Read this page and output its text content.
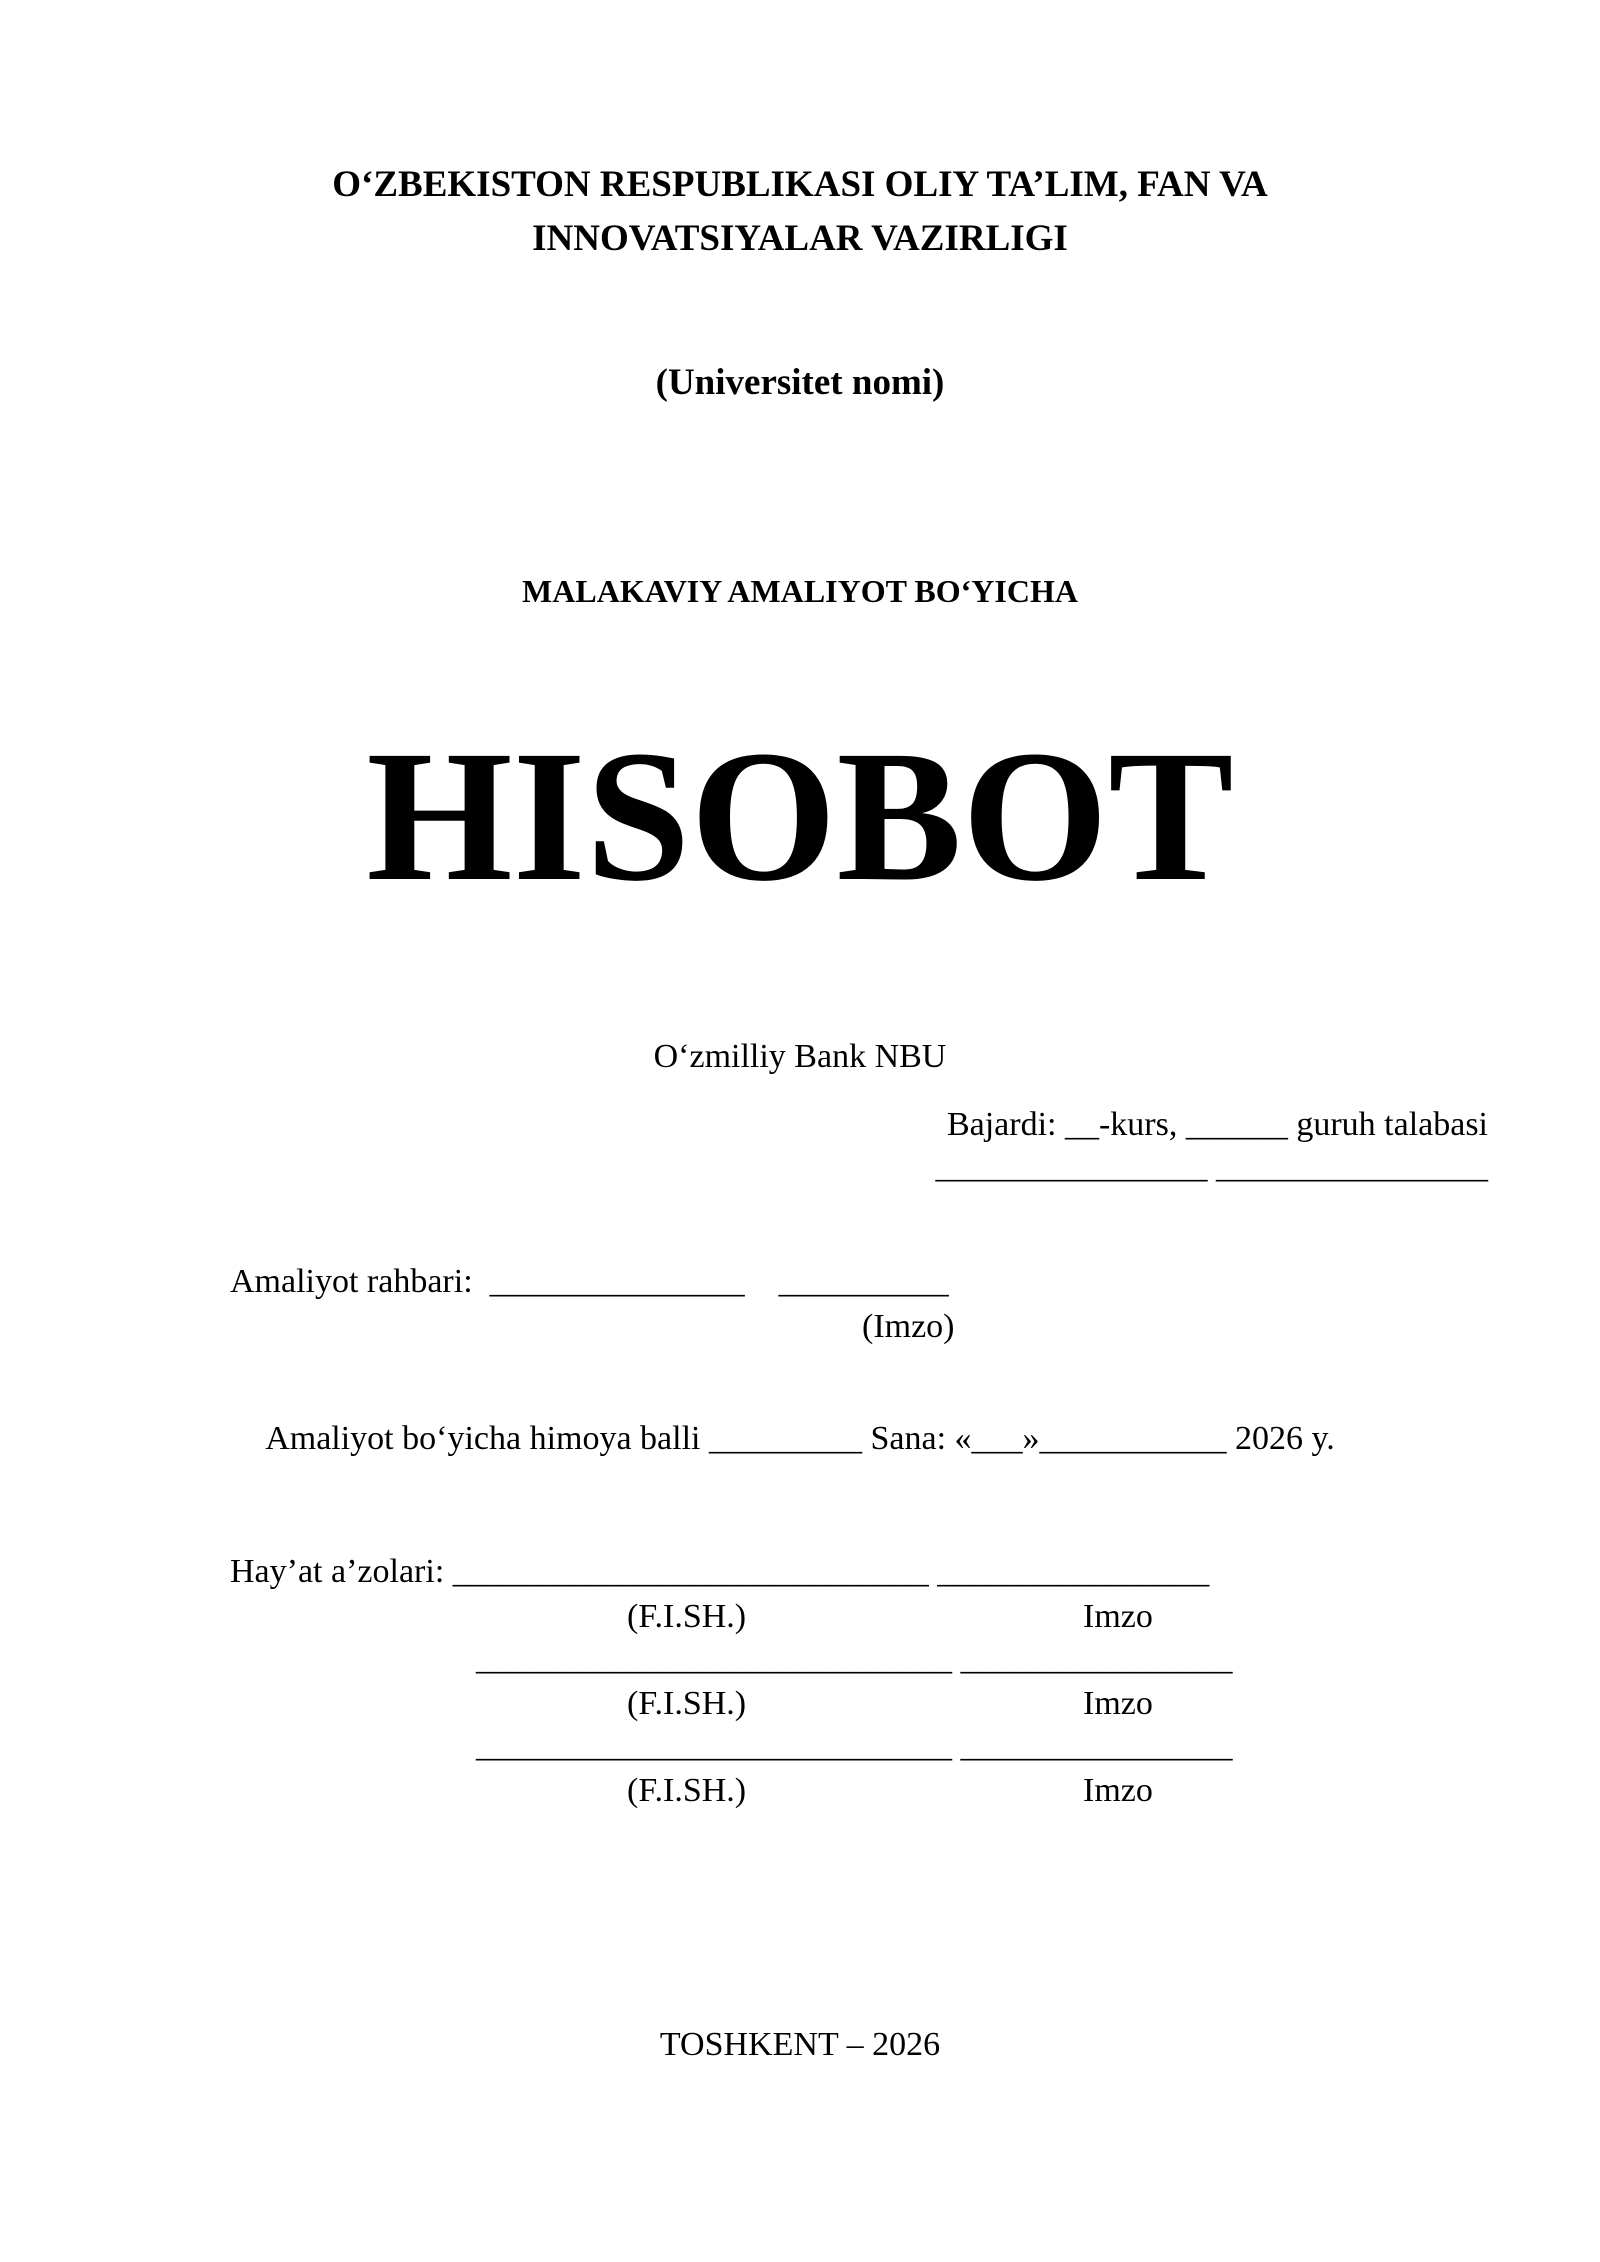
O‘ZBEKISTON RESPUBLIKASI OLIY TA’LIM, FAN VA
INNOVATSIYALAR VAZIRLIGI
(Universitet nomi)
MALAKAVIY AMALIYOT BO‘YICHA
HISOBOT
O‘zmilliy Bank NBU
Bajardi: __-kurs, ______ guruh talabasi
________________ ________________
Amaliyot rahbari:  _______________    __________
(Imzo)
Amaliyot bo‘yicha himoya balli _________ Sana: «___»___________ 2026 y.
Hay’at a’zolari: ____________________________ ________________
(F.I.SH.)	Imzo
____________________________ ________________
(F.I.SH.)	Imzo
____________________________ ________________
(F.I.SH.)	Imzo
TOSHKENT – 2026
